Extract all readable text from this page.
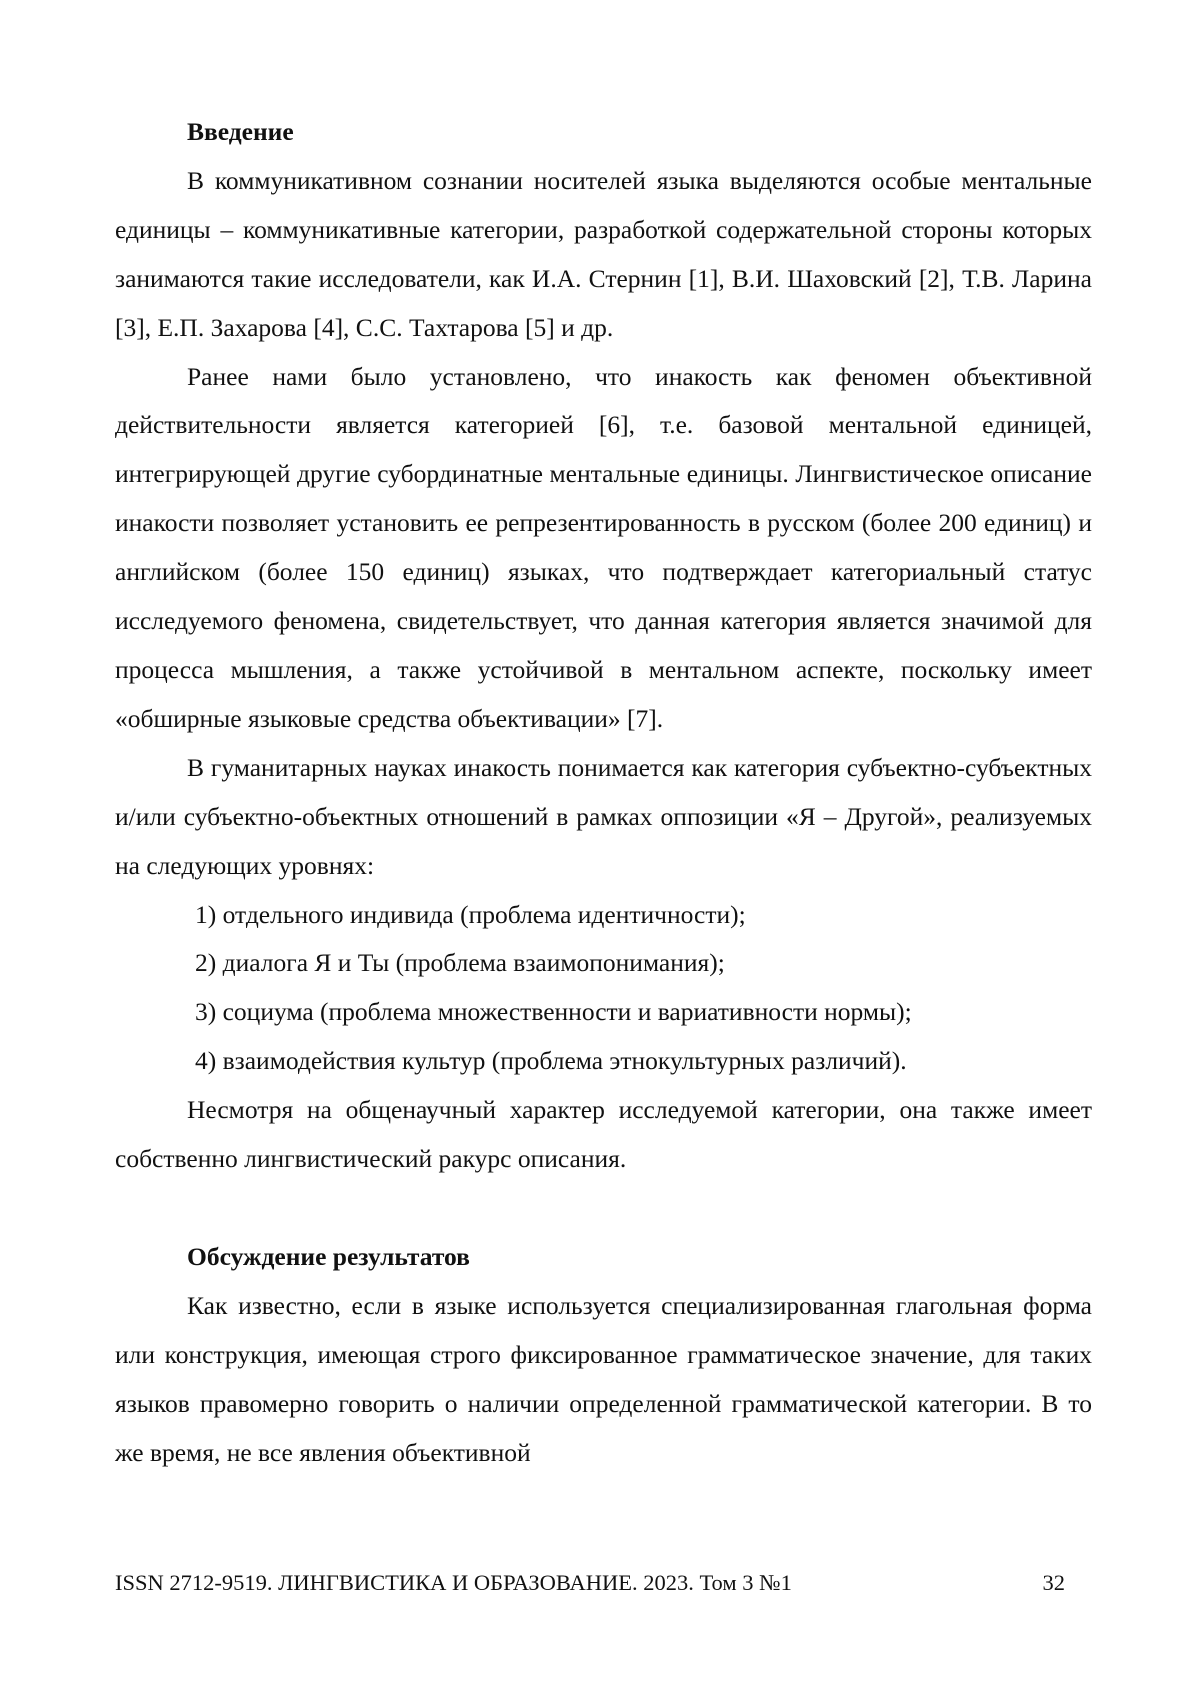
Введение

В коммуникативном сознании носителей языка выделяются особые ментальные единицы – коммуникативные категории, разработкой содержательной стороны которых занимаются такие исследователи, как И.А. Стернин [1], В.И. Шаховский [2], Т.В. Ларина [3], Е.П. Захарова [4], С.С. Тахтарова [5] и др.

Ранее нами было установлено, что инакость как феномен объективной действительности является категорией [6], т.е. базовой ментальной единицей, интегрирующей другие субординатные ментальные единицы. Лингвистическое описание инакости позволяет установить ее репрезентированность в русском (более 200 единиц) и английском (более 150 единиц) языках, что подтверждает категориальный статус исследуемого феномена, свидетельствует, что данная категория является значимой для процесса мышления, а также устойчивой в ментальном аспекте, поскольку имеет «обширные языковые средства объективации» [7].

В гуманитарных науках инакость понимается как категория субъектно-субъектных и/или субъектно-объектных отношений в рамках оппозиции «Я – Другой», реализуемых на следующих уровнях:

1) отдельного индивида (проблема идентичности);

2) диалога Я и Ты (проблема взаимопонимания);

3) социума (проблема множественности и вариативности нормы);

4) взаимодействия культур (проблема этнокультурных различий).

Несмотря на общенаучный характер исследуемой категории, она также имеет собственно лингвистический ракурс описания.

Обсуждение результатов

Как известно, если в языке используется специализированная глагольная форма или конструкция, имеющая строго фиксированное грамматическое значение, для таких языков правомерно говорить о наличии определенной грамматической категории. В то же время, не все явления объективной

ISSN 2712-9519. ЛИНГВИСТИКА И ОБРАЗОВАНИЕ. 2023. Том 3 №1	32
